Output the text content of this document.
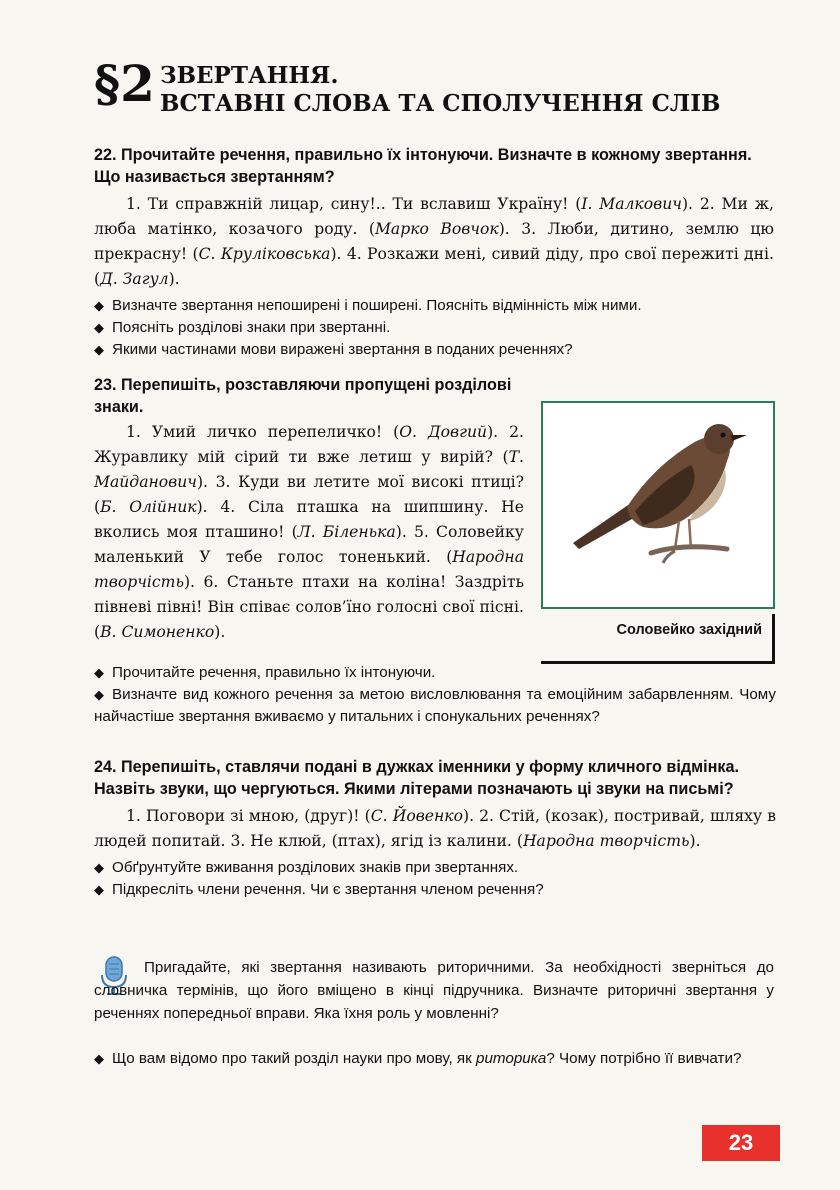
§2 ЗВЕРТАННЯ.
ВСТАВНІ СЛОВА ТА СПОЛУЧЕННЯ СЛІВ
22. Прочитайте речення, правильно їх інтонуючи. Визначте в кожному звертання. Що називається звертанням?
1. Ти справжній лицар, сину!.. Ти вславиш Україну! (І. Малкович). 2. Ми ж, люба матінко, козачого роду. (Марко Вовчок). 3. Люби, дитино, землю цю прекрасну! (С. Круліковська). 4. Розкажи мені, сивий діду, про свої пережиті дні. (Д. Загул).
◆ Визначте звертання непоширені і поширені. Поясніть відмінність між ними.
◆ Поясніть розділові знаки при звертанні.
◆ Якими частинами мови виражені звертання в поданих реченнях?
23. Перепишіть, розставляючи пропущені розділові знаки.
1. Умий личко перепеличко! (О. Довгий). 2. Журавлику мій сірий ти вже летиш у вирій? (Т. Майданович). 3. Куди ви летите мої високі птиці? (Б. Олійник). 4. Сіла пташка на шипшину. Не вколись моя пташино! (Л. Біленька). 5. Соловейку маленький У тебе голос тоненький. (Народна творчість). 6. Станьте птахи на коліна! Заздріть півневі півні! Він співає солов’їно голосні свої пісні. (В. Симоненко).	Соловейко західний
◆ Прочитайте речення, правильно їх інтонуючи.
◆ Визначте вид кожного речення за метою висловлювання та емоційним забарвленням. Чому найчастіше звертання вживаємо у питальних і спонукальних реченнях?
24. Перепишіть, ставлячи подані в дужках іменники у форму кличного відмінка. Назвіть звуки, що чергуються. Якими літерами позначають ці звуки на письмі?
1. Поговори зі мною, (друг)! (С. Йовенко). 2. Стій, (козак), постривай, шляху в людей попитай. 3. Не клюй, (птах), ягід із калини. (Народна творчість).
◆ Обґрунтуйте вживання розділових знаків при звертаннях.
◆ Підкресліть члени речення. Чи є звертання членом речення?
Пригадайте, які звертання називають риторичними. За необхідності зверніться до словничка термінів, що його вміщено в кінці підручника. Визначте риторичні звертання у реченнях попередньої вправи. Яка їхня роль у мовленні?
◆ Що вам відомо про такий розділ науки про мову, як риторика? Чому потрібно її вивчати?
23
